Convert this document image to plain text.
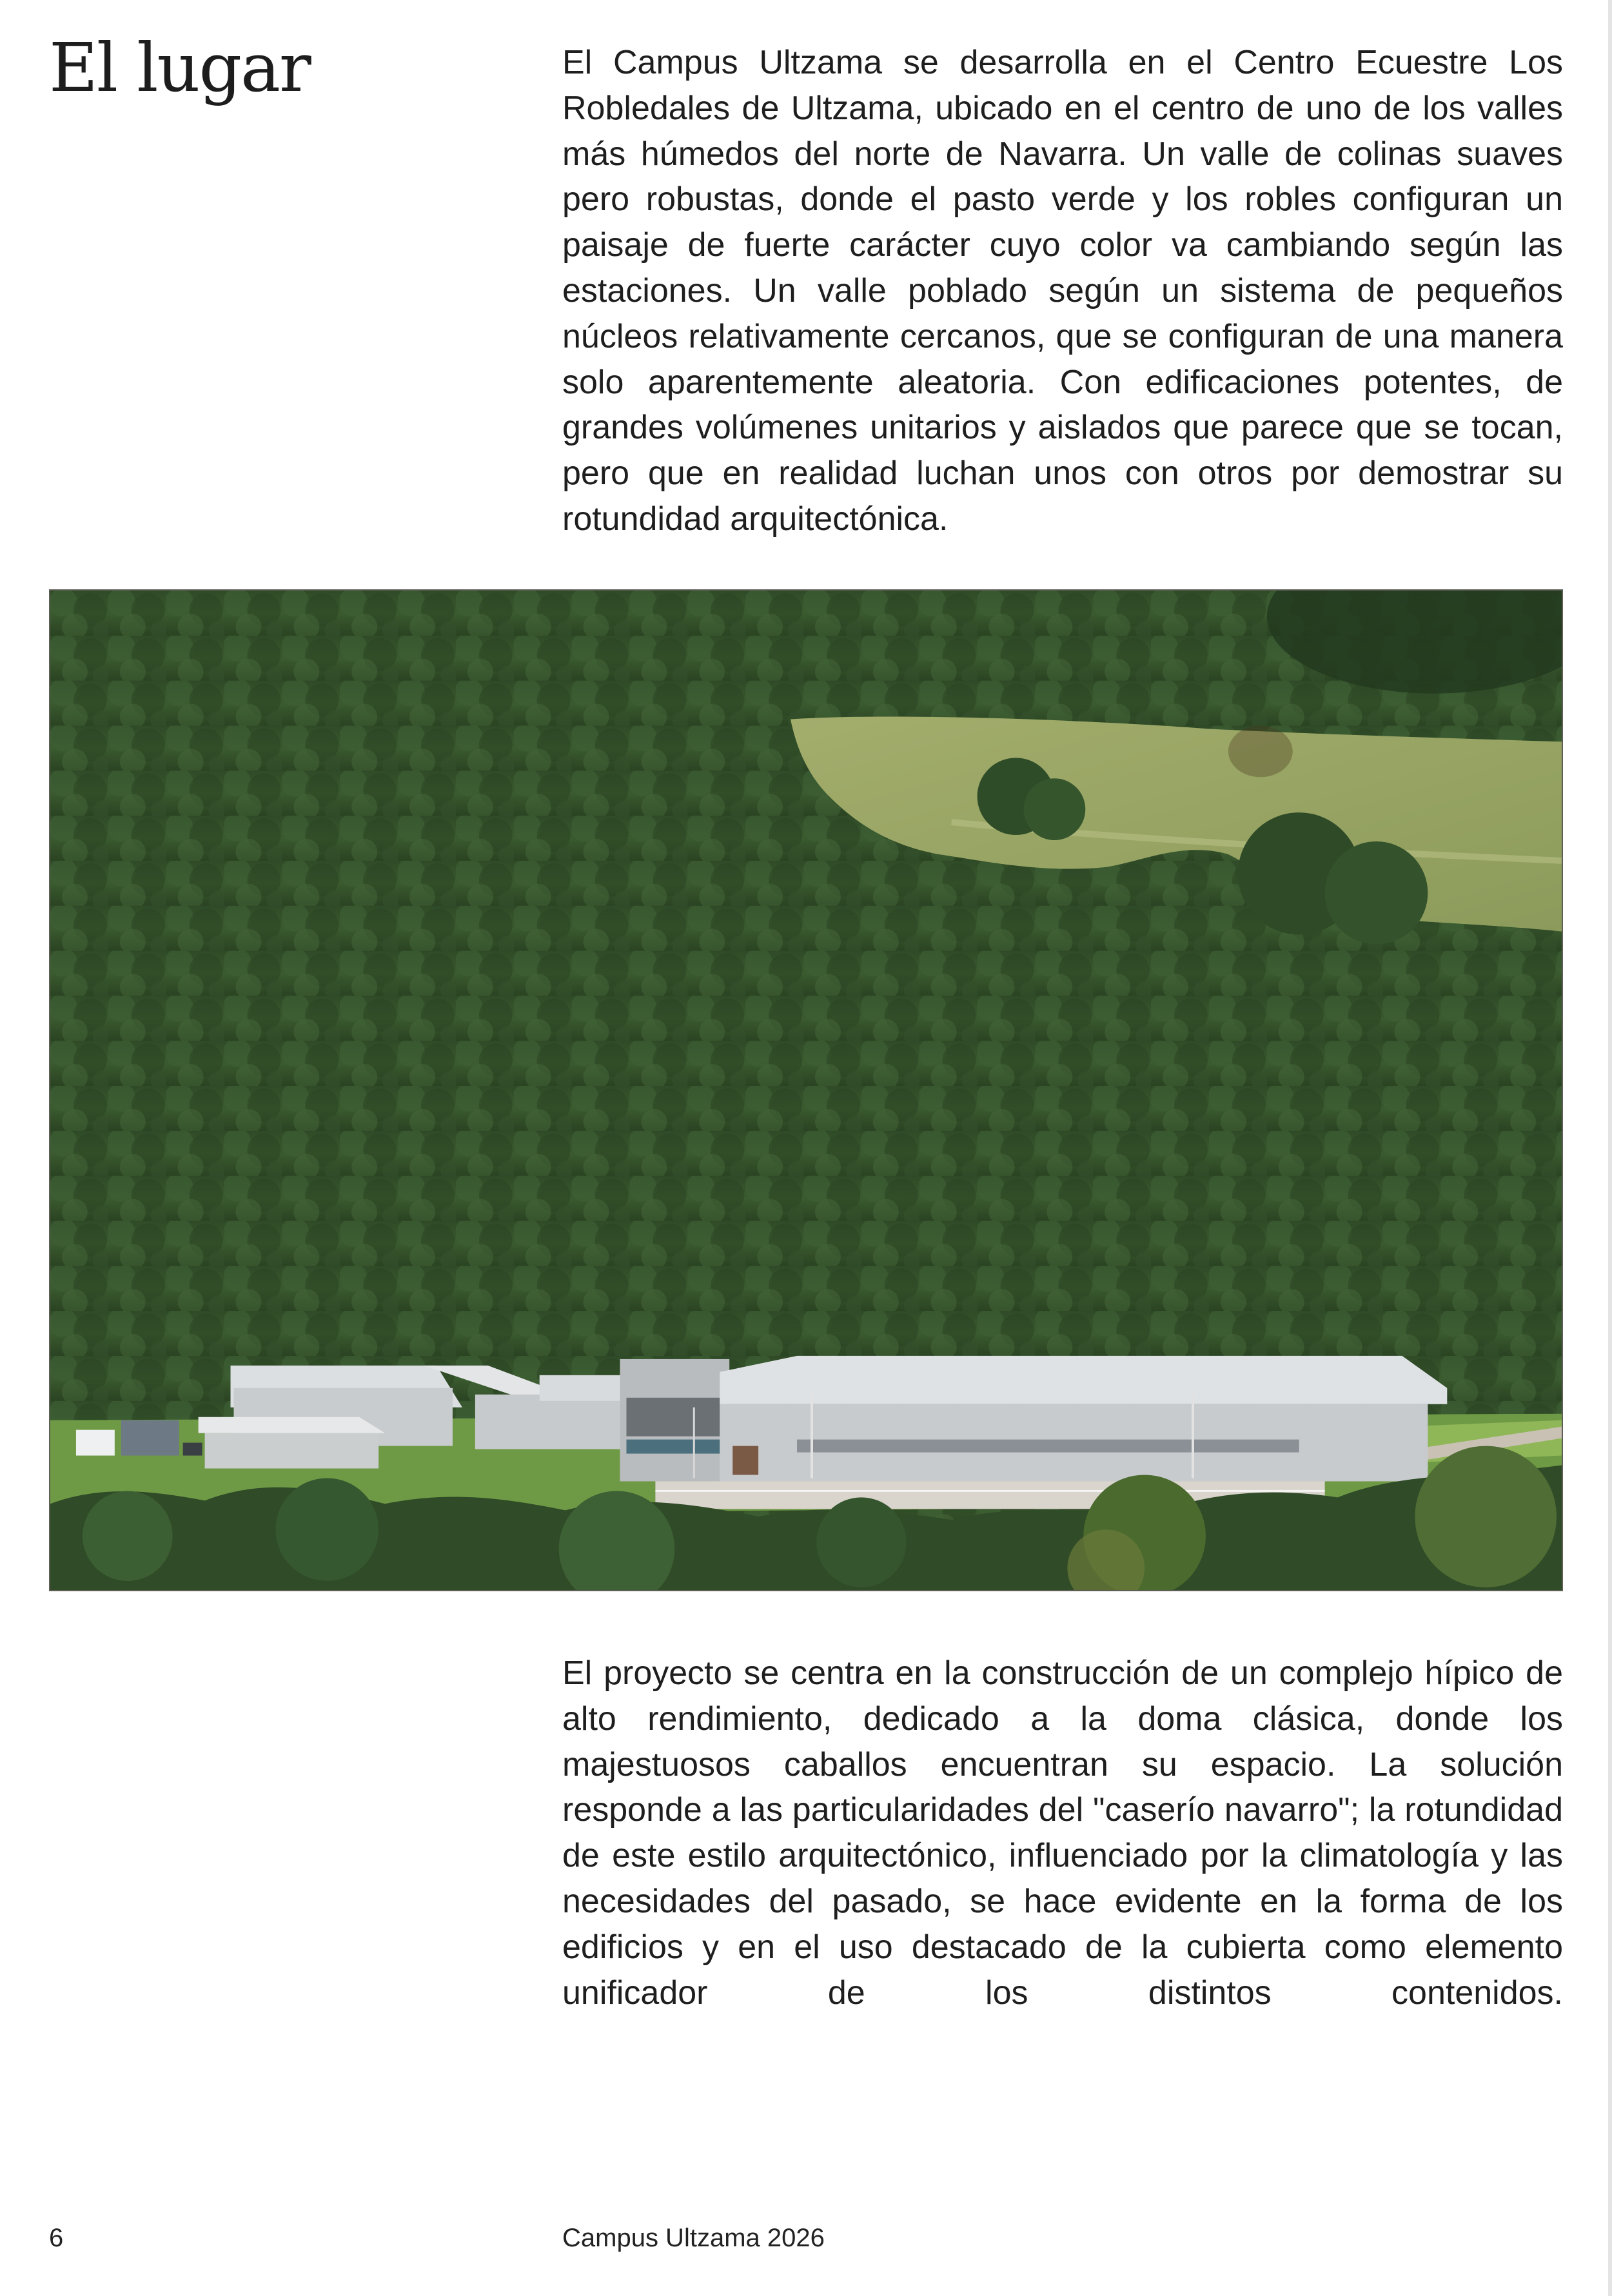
El lugar	El Campus Ultzama se desarrolla en el Centro Ecuestre Los Robledales de Ultzama, ubicado en el centro de uno de los valles más húmedos del norte de Navarra. Un valle de colinas suaves pero robustas, donde el pasto verde y los robles configuran un paisaje de fuerte carácter cuyo color va cambiando según las estaciones. Un valle poblado según un sistema de pequeños núcleos relativamente cercanos, que se configuran de una manera solo aparentemente aleatoria. Con edificaciones potentes, de grandes volúmenes unitarios y aislados que parece que se tocan, pero que en realidad luchan unos con otros por demostrar su rotundidad arquitectónica.

El proyecto se centra en la construcción de un complejo hípico de alto rendimiento, dedicado a la doma clásica, donde los majestuosos caballos encuentran su espacio. La solución responde a las particularidades del "caserío navarro"; la rotundidad de este estilo arquitectónico, influenciado por la climatología y las necesidades del pasado, se hace evidente en la forma de los edificios y en el uso destacado de la cubierta como elemento unificador de los distintos contenidos.

6	Campus Ultzama 2026
